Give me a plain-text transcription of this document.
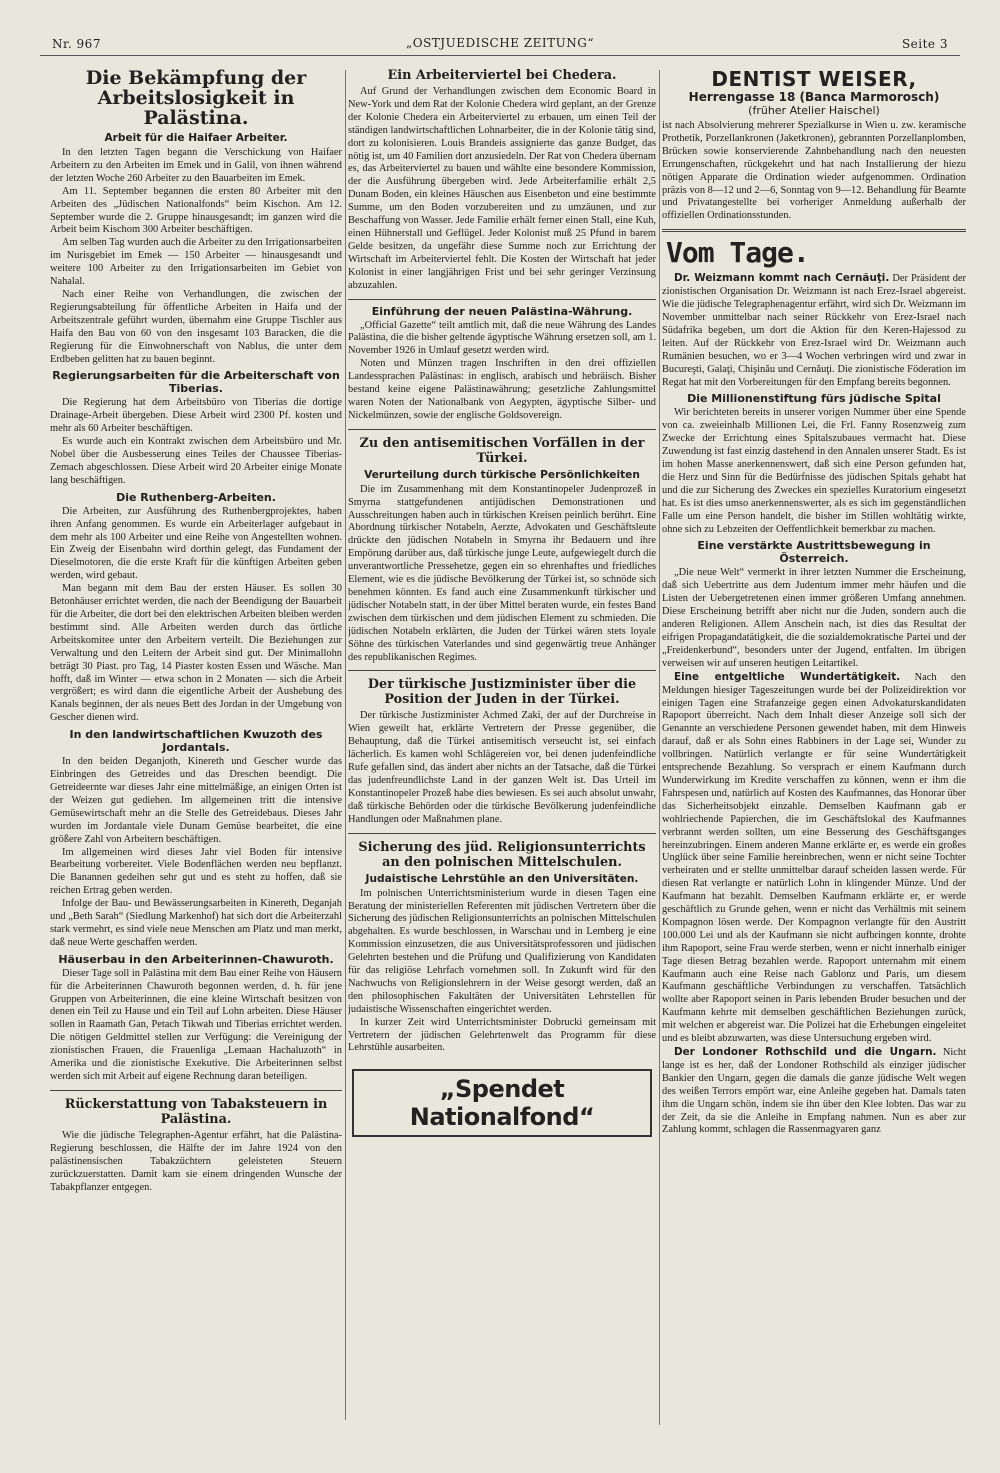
Nr. 967	„OSTJUEDISCHE ZEITUNG“	Seite 3
Die Bekämpfung der Arbeitslosigkeit in Palästina.
Arbeit für die Haifaer Arbeiter.

In den letzten Tagen begann die Verschickung von Haifaer Arbeitern zu den Arbeiten im Emek und in Galil, von ihnen während der letzten Woche 260 Arbeiter zu den Bauarbeiten im Emek.

Am 11. September begannen die ersten 80 Arbeiter mit den Arbeiten des „Jüdischen Nationalfonds“ beim Kischon. Am 12. September wurde die 2. Gruppe hinausgesandt; im ganzen wird die Arbeit beim Kischom 300 Arbeiter beschäftigen.

Am selben Tag wurden auch die Arbeiter zu den Irrigationsarbeiten im Nurisgebiet im Emek — 150 Arbeiter — hinausgesandt und weitere 100 Arbeiter zu den Irrigationsarbeiten im Gebiet von Nahalal.

Nach einer Reihe von Verhandlungen, die zwischen der Regierungsabteilung für öffentliche Arbeiten in Haifa und der Arbeitszentrale geführt wurden, übernahm eine Gruppe Tischler aus Haifa den Bau von 60 von den insgesamt 103 Baracken, die die Regierung für die Einwohnerschaft von Nablus, die unter dem Erdbeben gelitten hat zu bauen beginnt.

Regierungsarbeiten für die Arbeiterschaft von Tiberias.

Die Regierung hat dem Arbeitsbüro von Tiberias die dortige Drainage-Arbeit übergeben. Diese Arbeit wird 2300 Pf. kosten und mehr als 60 Arbeiter beschäftigen.

Es wurde auch ein Kontrakt zwischen dem Arbeitsbüro und Mr. Nobel über die Ausbesserung eines Teiles der Chaussee Tiberias-Zemach abgeschlossen. Diese Arbeit wird 20 Arbeiter einige Monate lang beschäftigen.

Die Ruthenberg-Arbeiten.

Die Arbeiten, zur Ausführung des Ruthenbergprojektes, haben ihren Anfang genommen. Es wurde ein Arbeiterlager aufgebaut in dem mehr als 100 Arbeiter und eine Reihe von Angestellten wohnen. Ein Zweig der Eisenbahn wird dorthin gelegt, das Fundament der Dieselmotoren, die die erste Kraft für die künftigen Arbeiten geben werden, wird gebaut.

Man begann mit dem Bau der ersten Häuser. Es sollen 30 Betonhäuser errichtet werden, die nach der Beendigung der Bauarbeit für die Arbeiter, die dort bei den elektrischen Arbeiten bleiben werden bestimmt sind. Alle Arbeiten werden durch das örtliche Arbeitskomitee unter den Arbeitern verteilt. Die Beziehungen zur Verwaltung und den Leitern der Arbeit sind gut. Der Minimallohn beträgt 30 Piast. pro Tag, 14 Piaster kosten Essen und Wäsche. Man hofft, daß im Winter — etwa schon in 2 Monaten — sich die Arbeit vergrößert; es wird dann die eigentliche Arbeit der Aushebung des Kanals beginnen, der als neues Bett des Jordan in der Umgebung von Gescher dienen wird.

In den landwirtschaftlichen Kwuzoth des Jordantals.

In den beiden Deganjoth, Kinereth und Gescher wurde das Einbringen des Getreides und das Dreschen beendigt. Die Getreideernte war dieses Jahr eine mittelmäßige, an einigen Orten ist der Weizen gut gediehen. Im allgemeinen tritt die intensive Gemüsewirtschaft mehr an die Stelle des Getreidebaus. Dieses Jahr wurden im Jordantale viele Dunam Gemüse bearbeitet, die eine größere Zahl von Arbeitern beschäftigen.

Im allgemeinen wird dieses Jahr viel Boden für intensive Bearbeitung vorbereitet. Viele Bodenflächen werden neu bepflanzt. Die Banannen gedeihen sehr gut und es steht zu hoffen, daß sie reichen Ertrag geben werden.

Infolge der Bau- und Bewässerungsarbeiten in Kinereth, Deganjah und „Beth Sarah“ (Siedlung Markenhof) hat sich dort die Arbeiterzahl stark vermehrt, es sind viele neue Menschen am Platz und man merkt, daß neue Werte geschaffen werden.

Häuserbau in den Arbeiterinnen-Chawuroth.

Dieser Tage soll in Palästina mit dem Bau einer Reihe von Häusern für die Arbeiterinnen Chawuroth begonnen werden, d. h. für jene Gruppen von Arbeiterinnen, die eine kleine Wirtschaft besitzen von denen ein Teil zu Hause und ein Teil auf Lohn arbeiten. Diese Häuser sollen in Raamath Gan, Petach Tikwah und Tiberias errichtet werden. Die nötigen Geldmittel stellen zur Verfügung: die Vereinigung der zionistischen Frauen, die Frauenliga „Lemaan Hachaluzoth“ in Amerika und die zionistische Exekutive. Die Arbeiterinnen selbst werden sich mit Arbeit auf eigene Rechnung daran beteiligen.

Rückerstattung von Tabaksteuern in Palästina.

Wie die jüdische Telegraphen-Agentur erfährt, hat die Palästina-Regierung beschlossen, die Hälfte der im Jahre 1924 von den palästinensischen Tabakzüchtern geleisteten Steuern zurückzuerstatten. Damit kam sie einem dringenden Wunsche der Tabakpflanzer entgegen.

Ein Arbeiterviertel bei Chedera.

Auf Grund der Verhandlungen zwischen dem Economic Board in New-York und dem Rat der Kolonie Chedera wird geplant, an der Grenze der Kolonie Chedera ein Arbeiterviertel zu erbauen, um einen Teil der ständigen landwirtschaftlichen Lohnarbeiter, die in der Kolonie tätig sind, dort zu kolonisieren. Louis Brandeis assignierte das ganze Budget, das nötig ist, um 40 Familien dort anzusiedeln. Der Rat von Chedera übernam es, das Arbeiterviertel zu bauen und wählte eine besondere Kommission, der die Ausführung übergeben wird. Jede Arbeiterfamilie erhält 2,5 Dunam Boden, ein kleines Häuschen aus Eisenbeton und eine bestimmte Summe, um den Boden vorzubereiten und zu umzäunen, und zur Beschaffung von Wasser. Jede Familie erhält ferner einen Stall, eine Kuh, einen Hühnerstall und Geflügel. Jeder Kolonist muß 25 Pfund in barem Gelde besitzen, da ungefähr diese Summe noch zur Errichtung der Wirtschaft im Arbeiterviertel fehlt. Die Kosten der Wirtschaft hat jeder Kolonist in einer langjährigen Frist und bei sehr geringer Verzinsung abzuzahlen.

Einführung der neuen Palästina-Währung.

„Official Gazette“ teilt amtlich mit, daß die neue Währung des Landes Palästina, die die bisher geltende ägyptische Währung ersetzen soll, am 1. November 1926 in Umlauf gesetzt werden wird.

Noten und Münzen tragen Inschriften in den drei offiziellen Landessprachen Palästinas: in englisch, arabisch und hebräisch. Bisher bestand keine eigene Palästinawährung; gesetzliche Zahlungsmittel waren Noten der Nationalbank von Aegypten, ägyptische Silber- und Nickelmünzen, sowie der englische Goldsovereign.

Zu den antisemitischen Vorfällen in der Türkei.
Verurteilung durch türkische Persönlichkeiten

Die im Zusammenhang mit dem Konstantinopeler Judenprozeß in Smyrna stattgefundenen antijüdischen Demonstrationen und Ausschreitungen haben auch in türkischen Kreisen peinlich berührt. Eine Abordnung türkischer Notabeln, Aerzte, Advokaten und Geschäftsleute drückte den jüdischen Notabeln in Smyrna ihr Bedauern und ihre Empörung darüber aus, daß türkische junge Leute, aufgewiegelt durch die unverantwortliche Pressehetze, gegen ein so ehrenhaftes und friedliches Element, wie es die jüdische Bevölkerung der Türkei ist, so schnöde sich benehmen könnten. Es fand auch eine Zusammenkunft türkischer und jüdischer Notabeln statt, in der über Mittel beraten wurde, ein festes Band zwischen dem türkischen und dem jüdischen Element zu schmieden. Die jüdischen Notabeln erklärten, die Juden der Türkei wären stets loyale Söhne des türkischen Vaterlandes und sind gegenwärtig treue Anhänger des republikanischen Regimes.

Der türkische Justizminister über die Position der Juden in der Türkei.

Der türkische Justizminister Achmed Zaki, der auf der Durchreise in Wien geweilt hat, erklärte Vertretern der Presse gegenüber, die Behauptung, daß die Türkei antisemitisch verseucht ist, sei einfach lächerlich. Es kamen wohl Schlägereien vor, bei denen judenfeindliche Rufe gefallen sind, das ändert aber nichts an der Tatsache, daß die Türkei das judenfreundlichste Land in der ganzen Welt ist. Das Urteil im Konstantinopeler Prozeß habe dies bewiesen. Es sei auch absolut unwahr, daß türkische Behörden oder die türkische Bevölkerung judenfeindliche Handlungen oder Maßnahmen plane.

Sicherung des jüd. Religionsunterrichts an den polnischen Mittelschulen.
Judaistische Lehrstühle an den Universitäten.

Im polnischen Unterrichtsministerium wurde in diesen Tagen eine Beratung der ministeriellen Referenten mit jüdischen Vertretern über die Sicherung des jüdischen Religionsunterrichts an polnischen Mittelschulen abgehalten. Es wurde beschlossen, in Warschau und in Lemberg je eine Kommission einzusetzen, die aus Universitätsprofessoren und jüdischen Gelehrten bestehen und die Prüfung und Qualifizierung von Kandidaten für das religiöse Lehrfach vornehmen soll. In Zukunft wird für den Nachwuchs von Religionslehrern in der Weise gesorgt werden, daß an den philosophischen Fakultäten der Universitäten Lehrstellen für judaistische Wissenschaften eingerichtet werden.

In kurzer Zeit wird Unterrichtsminister Dobrucki gemeinsam mit Vertretern der jüdischen Gelehrtenwelt das Programm für diese Lehrstühle ausarbeiten.

„Spendet Nationalfond“
DENTIST WEISER,
Herrengasse 18 (Banca Marmorosch)
(früher Atelier Haischel)

ist nach Absolvierung mehrerer Spezialkurse in Wien u. zw. keramische Prothetik, Porzellankronen (Jaketkronen), gebrannten Porzellanplomben, Brücken sowie konservierende Zahnbehandlung nach den neuesten Errungenschaften, rückgekehrt und hat nach Installierung der hiezu nötigen Apparate die Ordination wieder aufgenommen. Ordination präzis von 8—12 und 2—6, Sonntag von 9—12. Behandlung für Beamte und Privatangestellte bei vorheriger Anmeldung außerhalb der offiziellen Ordinationsstunden.

Vom Tage.

Dr. Weizmann kommt nach Cernăuţi. Der Präsident der zionistischen Organisation Dr. Weizmann ist nach Erez-Israel abgereist. Wie die jüdische Telegraphenagentur erfährt, wird sich Dr. Weizmann im November unmittelbar nach seiner Rückkehr von Erez-Israel nach Südafrika begeben, um dort die Aktion für den Keren-Hajessod zu leiten. Auf der Rückkehr von Erez-Israel wird Dr. Weizmann auch Rumänien besuchen, wo er 3—4 Wochen verbringen wird und zwar in Bucureşti, Galaţi, Chişinău und Cernăuţi. Die zionistische Föderation im Regat hat mit den Vorbereitungen für den Empfang bereits begonnen.

Die Millionenstiftung fürs jüdische Spital

Wir berichteten bereits in unserer vorigen Nummer über eine Spende von ca. zweieinhalb Millionen Lei, die Frl. Fanny Rosenzweig zum Zwecke der Errichtung eines Spitalszubaues vermacht hat. Diese Zuwendung ist fast einzig dastehend in den Annalen unserer Stadt. Es ist im hohen Masse anerkennenswert, daß sich eine Person gefunden hat, die Herz und Sinn für die Bedürfnisse des jüdischen Spitals gehabt hat und die zur Sicherung des Zweckes ein spezielles Kuratorium eingesetzt hat. Es ist dies umso anerkennenswerter, als es sich im gegenständlichen Falle um eine Person handelt, die bisher im Stillen wohltätig wirkte, ohne sich zu Lebzeiten der Oeffentlichkeit bemerkbar zu machen.

Eine verstärkte Austrittsbewegung in Österreich.

„Die neue Welt“ vermerkt in ihrer letzten Nummer die Erscheinung, daß sich Uebertritte aus dem Judentum immer mehr häufen und die Listen der Uebergetretenen einen immer größeren Umfang annehmen. Diese Erscheinung betrifft aber nicht nur die Juden, sondern auch die anderen Religionen. Allem Anschein nach, ist dies das Resultat der eifrigen Propagandatätigkeit, die die sozialdemokratische Partei und der „Freidenkerbund“, besonders unter der Jugend, entfalten. Im übrigen verweisen wir auf unseren heutigen Leitartikel.

Eine entgeltliche Wundertätigkeit. Nach den Meldungen hiesiger Tageszeitungen wurde bei der Polizeidirektion vor einigen Tagen eine Strafanzeige gegen einen Advokaturskandidaten Rapoport überreicht. Nach dem Inhalt dieser Anzeige soll sich der Genannte an verschiedene Personen gewendet haben, mit dem Hinweis darauf, daß er als Sohn eines Rabbiners in der Lage sei, Wunder zu vollbringen. Natürlich verlangte er für seine Wundertätigkeit entsprechende Bezahlung. So versprach er einem Kaufmann durch Wunderwirkung im Kredite verschaffen zu können, wenn er ihm die Fahrspesen und, natürlich auf Kosten des Kaufmannes, das Honorar über das Sicherheitsobjekt einzahle. Demselben Kaufmann gab er wohlriechende Papierchen, die im Geschäftslokal des Kaufmannes verbrannt werden sollten, um eine Besserung des Geschäftsganges hereinzubringen. Einem anderen Manne erklärte er, es werde ein großes Unglück über seine Familie hereinbrechen, wenn er nicht seine Tochter verheiraten und er stellte unmittelbar darauf scheiden lassen werde. Für diesen Rat verlangte er natürlich Lohn in klingender Münze. Und der Kaufmann hat bezahlt. Demselben Kaufmann erklärte er, er werde geschäftlich zu Grunde gehen, wenn er nicht das Verhältnis mit seinem Kompagnon lösen werde. Der Kompagnon verlangte für den Austritt 100.000 Lei und als der Kaufmann sie nicht aufbringen konnte, drohte ihm Rapoport, seine Frau werde sterben, wenn er nicht innerhalb einiger Tage diesen Betrag bezahlen werde. Rapoport unternahm mit einem Kaufmann auch eine Reise nach Gablonz und Paris, um diesem Kaufmann geschäftliche Verbindungen zu verschaffen. Tatsächlich wollte aber Rapoport seinen in Paris lebenden Bruder besuchen und der Kaufmann kehrte mit demselben geschäftlichen Beziehungen zurück, mit welchen er abgereist war. Die Polizei hat die Erhebungen eingeleitet und es bleibt abzuwarten, was diese Untersuchung ergeben wird.

Der Londoner Rothschild und die Ungarn. Nicht lange ist es her, daß der Londoner Rothschild als einziger jüdischer Bankier den Ungarn, gegen die damals die ganze jüdische Welt wegen des weißen Terrors empört war, eine Anleihe gegeben hat. Damals taten ihm die Ungarn schön, indem sie ihn über den Klee lobten. Das war zu der Zeit, da sie die Anleihe in Empfang nahmen. Nun es aber zur Zahlung kommt, schlagen die Rassenmagyaren ganz
